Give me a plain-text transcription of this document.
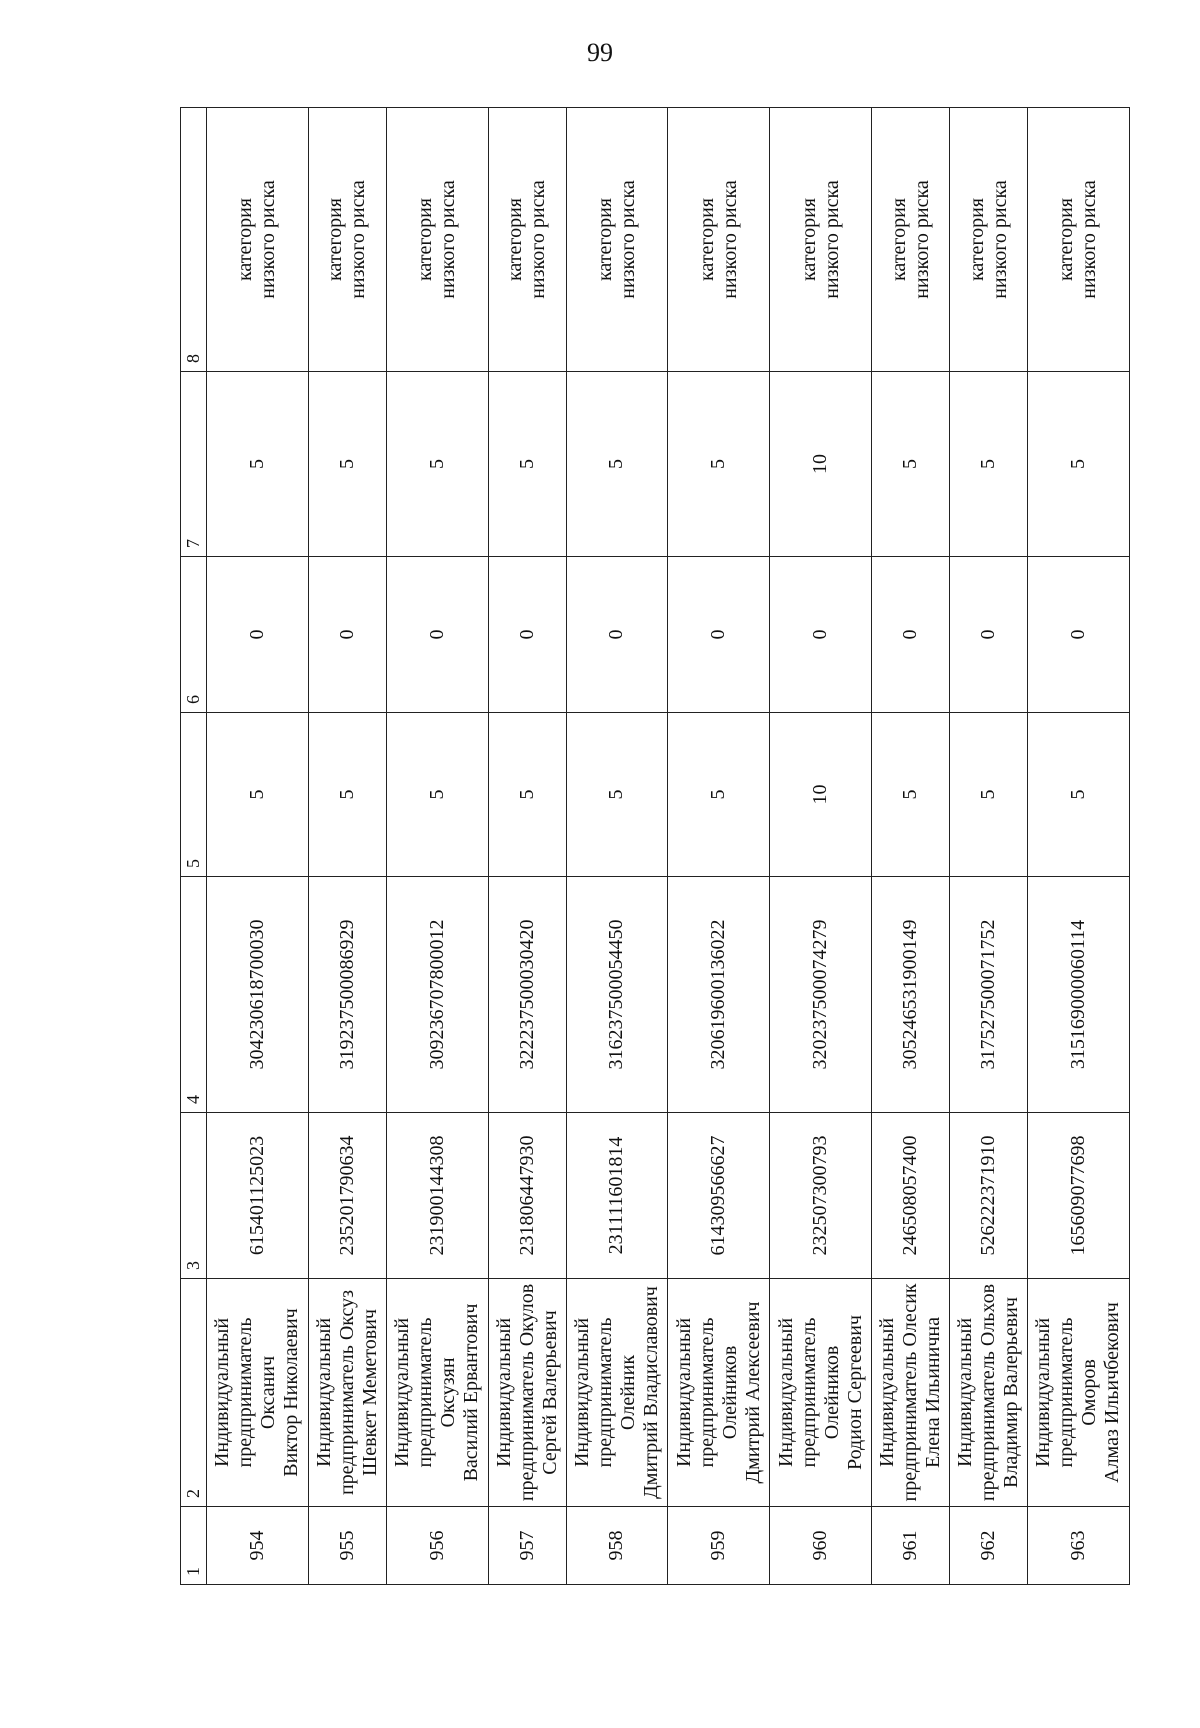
99
1	2	3	4	5	6	7	8
954	Индивидуальный
предприниматель Оксанич
Виктор Николаевич	615401125023	304230618700030	5	0	5	категория
низкого риска
955	Индивидуальный
предприниматель Оксуз
Шевкет Меметович	235201790634	319237500086929	5	0	5	категория
низкого риска
956	Индивидуальный
предприниматель Оксузян
Василий Ервантович	231900144308	309236707800012	5	0	5	категория
низкого риска
957	Индивидуальный
предприниматель Окулов
Сергей Валерьевич	231806447930	322237500030420	5	0	5	категория
низкого риска
958	Индивидуальный
предприниматель Олейник
Дмитрий Владиславович	231111601814	316237500054450	5	0	5	категория
низкого риска
959	Индивидуальный
предприниматель Олейников
Дмитрий Алексеевич	614309566627	320619600136022	5	0	5	категория
низкого риска
960	Индивидуальный
предприниматель Олейников
Родион Сергеевич	232507300793	320237500074279	10	0	10	категория
низкого риска
961	Индивидуальный
предприниматель Олесик
Елена Ильинична	246508057400	305246531900149	5	0	5	категория
низкого риска
962	Индивидуальный
предприниматель Ольхов
Владимир Валерьевич	526222371910	317527500071752	5	0	5	категория
низкого риска
963	Индивидуальный
предприниматель Оморов
Алмаз Ильичбекович	165609077698	315169000060114	5	0	5	категория
низкого риска
